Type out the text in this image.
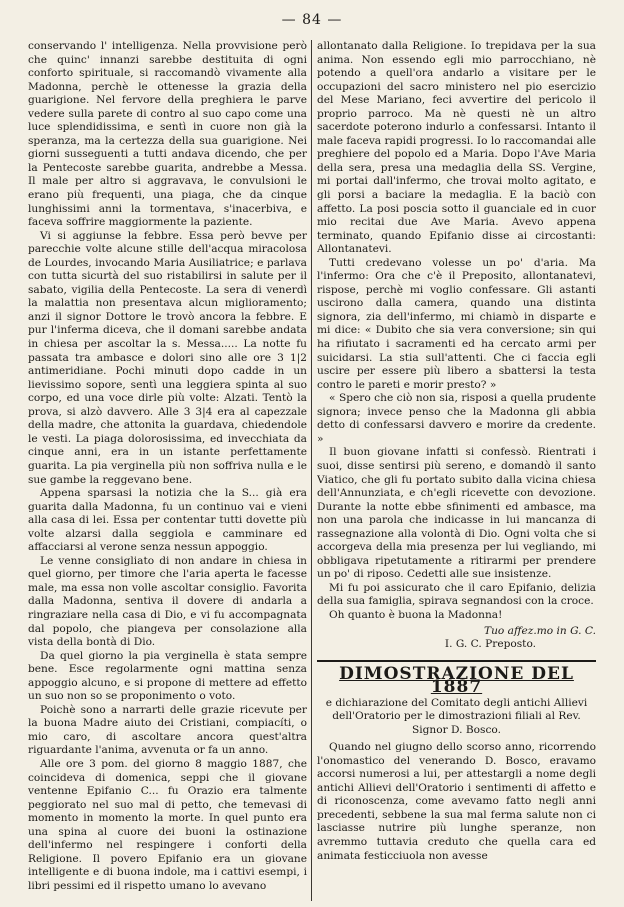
— 84 —

conservando l' intelligenza. Nella provvisione però che quinc' innanzi sarebbe destituita di ogni conforto spirituale, si raccomandò vivamente alla Madonna, perchè le ottenesse la grazia della guarigione. Nel fervore della preghiera le parve vedere sulla parete di contro al suo capo come una luce splendidissima, e sentì in cuore non già la speranza, ma la certezza della sua guarigione. Nei giorni susseguenti a tutti andava dicendo, che per la Pentecoste sarebbe guarita, andrebbe a Messa. Il male per altro si aggravava, le convulsioni le erano più frequenti, una piaga, che da cinque lunghissimi anni la tormentava, s'inacerbiva, e faceva soffrire maggiormente la paziente.

Vi si aggiunse la febbre. Essa però bevve per parecchie volte alcune stille dell'acqua miracolosa de Lourdes, invocando Maria Ausiliatrice; e parlava con tutta sicurtà del suo ristabilirsi in salute per il sabato, vigilia della Pentecoste. La sera di venerdì la malattia non presentava alcun miglioramento; anzi il signor Dottore le trovò ancora la febbre. E pur l'inferma diceva, che il domani sarebbe andata in chiesa per ascoltar la s. Messa..... La notte fu passata tra ambasce e dolori sino alle ore 3 1|2 antimeridiane. Pochi minuti dopo cadde in un lievissimo sopore, sentì una leggiera spinta al suo corpo, ed una voce dirle più volte: Alzati. Tentò la prova, si alzò davvero. Alle 3 3|4 era al capezzale della madre, che attonita la guardava, chiedendole le vesti. La piaga dolorosissima, ed invecchiata da cinque anni, era in un istante perfettamente guarita. La pia verginella più non soffriva nulla e le sue gambe la reggevano bene.

Appena sparsasi la notizia che la S... già era guarita dalla Madonna, fu un continuo vai e vieni alla casa di lei. Essa per contentar tutti dovette più volte alzarsi dalla seggiola e camminare ed affacciarsi al verone senza nessun appoggio.

Le venne consigliato di non andare in chiesa in quel giorno, per timore che l'aria aperta le facesse male, ma essa non volle ascoltar consiglio. Favorita dalla Madonna, sentiva il dovere di andarla a ringraziare nella casa di Dio, e vi fu accompagnata dal popolo, che piangeva per consolazione alla vista della bontà di Dio.

Da quel giorno la pia verginella è stata sempre bene. Esce regolarmente ogni mattina senza appoggio alcuno, e si propone di mettere ad effetto un suo non so se proponimento o voto.

Poichè sono a narrarti delle grazie ricevute per la buona Madre aiuto dei Cristiani, compiacíti, o mio caro, di ascoltare ancora quest'altra riguardante l'anima, avvenuta or fa un anno.

Alle ore 3 pom. del giorno 8 maggio 1887, che coincideva di domenica, seppi che il giovane ventenne Epifanio C... fu Orazio era talmente peggiorato nel suo mal di petto, che temevasi di momento in momento la morte. In quel punto era una spina al cuore dei buoni la ostinazione dell'infermo nel respingere i conforti della Religione. Il povero Epifanio era un giovane intelligente e di buona indole, ma i cattivi esempi, i libri pessimi ed il rispetto umano lo avevano

allontanato dalla Religione. Io trepidava per la sua anima. Non essendo egli mio parrocchiano, nè potendo a quell'ora andarlo a visitare per le occupazioni del sacro ministero nel pio esercizio del Mese Mariano, feci avvertire del pericolo il proprio parroco. Ma nè questi nè un altro sacerdote poterono indurlo a confessarsi. Intanto il male faceva rapidi progressi. Io lo raccomandai alle preghiere del popolo ed a Maria. Dopo l'Ave Maria della sera, presa una medaglia della SS. Vergine, mi portai dall'infermo, che trovai molto agitato, e gli porsi a baciare la medaglia. E la baciò con affetto. La posi poscia sotto il guanciale ed in cuor mio recitai due Ave Maria. Avevo appena terminato, quando Epifanio disse ai circostanti: Allontanatevi.

Tutti credevano volesse un po' d'aria. Ma l'infermo: Ora che c'è il Preposito, allontanatevi, rispose, perchè mi voglio confessare. Gli astanti uscirono dalla camera, quando una distinta signora, zia dell'infermo, mi chiamò in disparte e mi dice: « Dubito che sia vera conversione; sin qui ha rifiutato i sacramenti ed ha cercato armi per suicidarsi. La stia sull'attenti. Che ci faccia egli uscire per essere più libero a sbattersi la testa contro le pareti e morir presto? »

« Spero che ciò non sia, risposi a quella prudente signora; invece penso che la Madonna gli abbia detto di confessarsi davvero e morire da credente. »

Il buon giovane infatti si confessò. Rientrati i suoi, disse sentirsi più sereno, e domandò il santo Viatico, che gli fu portato subito dalla vicina chiesa dell'Annunziata, e ch'egli ricevette con devozione. Durante la notte ebbe sfinimenti ed ambasce, ma non una parola che indicasse in lui mancanza di rassegnazione alla volontà di Dio. Ogni volta che si accorgeva della mia presenza per lui vegliando, mi obbligava ripetutamente a ritirarmi per prendere un po' di riposo. Cedetti alle sue insistenze.

Mi fu poi assicurato che il caro Epifanio, delizia della sua famiglia, spirava segnandosi con la croce.

Oh quanto è buona la Madonna!

Tuo affez.mo in G. C.
I. G. C. Preposto.
DIMOSTRAZIONE DEL 1887
e dichiarazione del Comitato degli antichi Allievi dell'Oratorio per le dimostrazioni filiali al Rev. Signor D. Bosco.

Quando nel giugno dello scorso anno, ricorrendo l'onomastico del venerando D. Bosco, eravamo accorsi numerosi a lui, per attestargli a nome degli antichi Allievi dell'Oratorio i sentimenti di affetto e di riconoscenza, come avevamo fatto negli anni precedenti, sebbene la sua mal ferma salute non ci lasciasse nutrire più lunghe speranze, non avremmo tuttavia creduto che quella cara ed animata festicciuola non avesse
